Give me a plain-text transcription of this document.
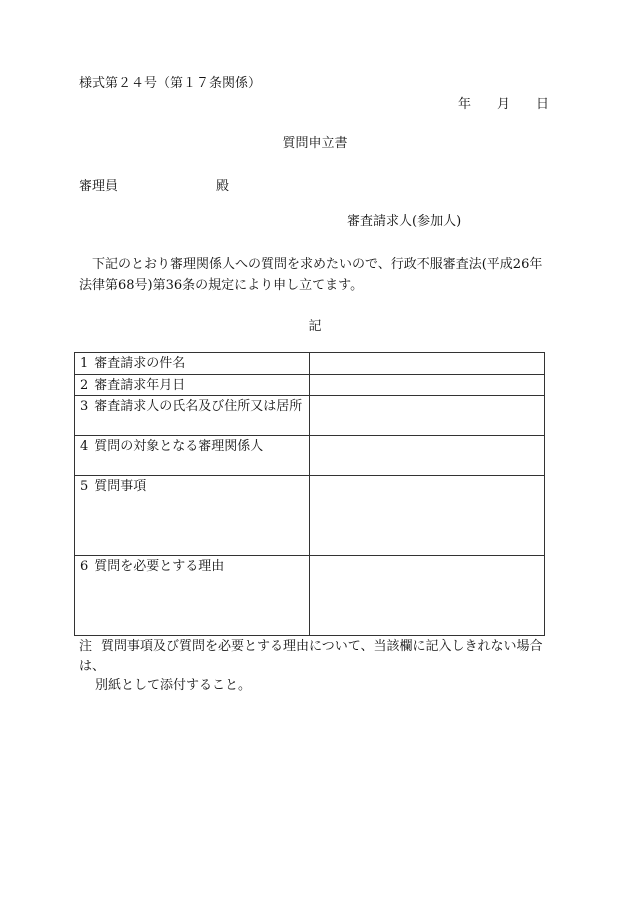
様式第２４号（第１７条関係）
年 月 日
質問申立書
審理員	殿
審査請求人(参加人)
下記のとおり審理関係人への質問を求めたいので、行政不服審査法(平成26年法律第68号)第36条の規定により申し立てます。
記
1 審査請求の件名	
2 審査請求年月日	
3 審査請求人の氏名及び住所又は居所	
4 質問の対象となる審理関係人	
5 質問事項	
6 質問を必要とする理由	
注 質問事項及び質問を必要とする理由について、当該欄に記入しきれない場合は、
別紙として添付すること。
